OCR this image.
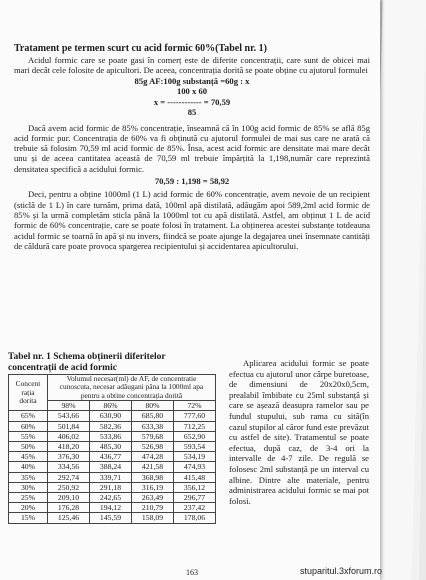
Tratament pe termen scurt cu acid formic 60%(Tabel nr. 1)

Acidul formic care se poate gasi în comerț este de diferite concentrații, care sunt de obicei mai mari decât cele folosite de apicultori. De aceea, concentrația dorită se poate obține cu ajutorul formulei

85g AF:100g substanță =60g : x
100 x 60
x = ------------ = 70,59
85

Dacă avem acid formic de 85% concentrație, înseamnă că în 100g acid formic de 85% se află 85g acid formic pur. Concentrația de 60% va fi obținută cu ajutorul formulei de mai sus care ne arată că trebuie să folosim 70,59 ml acid formic de 85%. Însa, acest acid formic are densitate mai mare decât unu și de aceea cantitatea această de 70,59 ml trebuie împărțită la 1,198,număr care reprezintă densitatea specifică a acidului formic.

70,59 : 1,198 = 58,92

Deci, pentru a obține 1000ml (1 L) acid formic de 60% concentrație, avem nevoie de un recipient (sticlă de 1 L) în care turnăm, prima dată, 100ml apă distilată, adăugăm apoi 589,2ml acid formic de 85% și la urmă completăm sticla până la 1000ml tot cu apă distilată. Astfel, am obținut 1 L de acid formic de 60% concentrație, care se poate folosi în tratament. La obținerea acestei substanțe totdeauna acidul formic se toarnă în apă și nu invers, fiindcă se poate ajunge la degajarea unei însemnate cantități de căldură care poate provoca spargerea recipientului și accidentarea apicultorului.

Tabel nr. 1 Schema obținerii diferitelor concentrații de acid formic
Concent
rația
dorita	Volumul necesar(ml) de AF, de concentratie cunoscuta, necesar adăugani pâna la 1000ml apa pentru a obtine concentrația dorită			
	98%	86%	80%	72%
65%	543,66	630,90	685,80	777,60
60%	501,84	582,36	633,38	712,25
55%	406,02	533,86	579,68	652,90
50%	418,20	485,30	526,98	593,54
45%	376,30	436,77	474,28	534,19
40%	334,56	388,24	421,58	474,93
35%	292,74	339,71	368,98	415,48
30%	250,92	291,18	316,19	356,12
25%	209,10	242,65	263,49	296,77
20%	176,28	194,12	210,79	237,42
15%	125,46	145,59	158,09	178,06

Aplicarea acidului formic se poate efectua cu ajutorul unor cârpe buretoase, de dimensiuni de 20x20x0,5cm, prealabil îmbibate cu 25ml substanță și care se așează deasupra ramelor sau pe fundul stupului, sub rama cu sită(în cazul stupilor al căror fund este prevăzut cu astfel de site). Tratamentul se poate efectua, după caz, de 3-4 ori la intervalle de 4-7 zile. De regulă se folosesc 2ml substanță pe un interval cu albine. Dintre alte materiale, pentru administrarea acidului formic se mai pot folosi.

163	stuparitul.3xforum.ro
